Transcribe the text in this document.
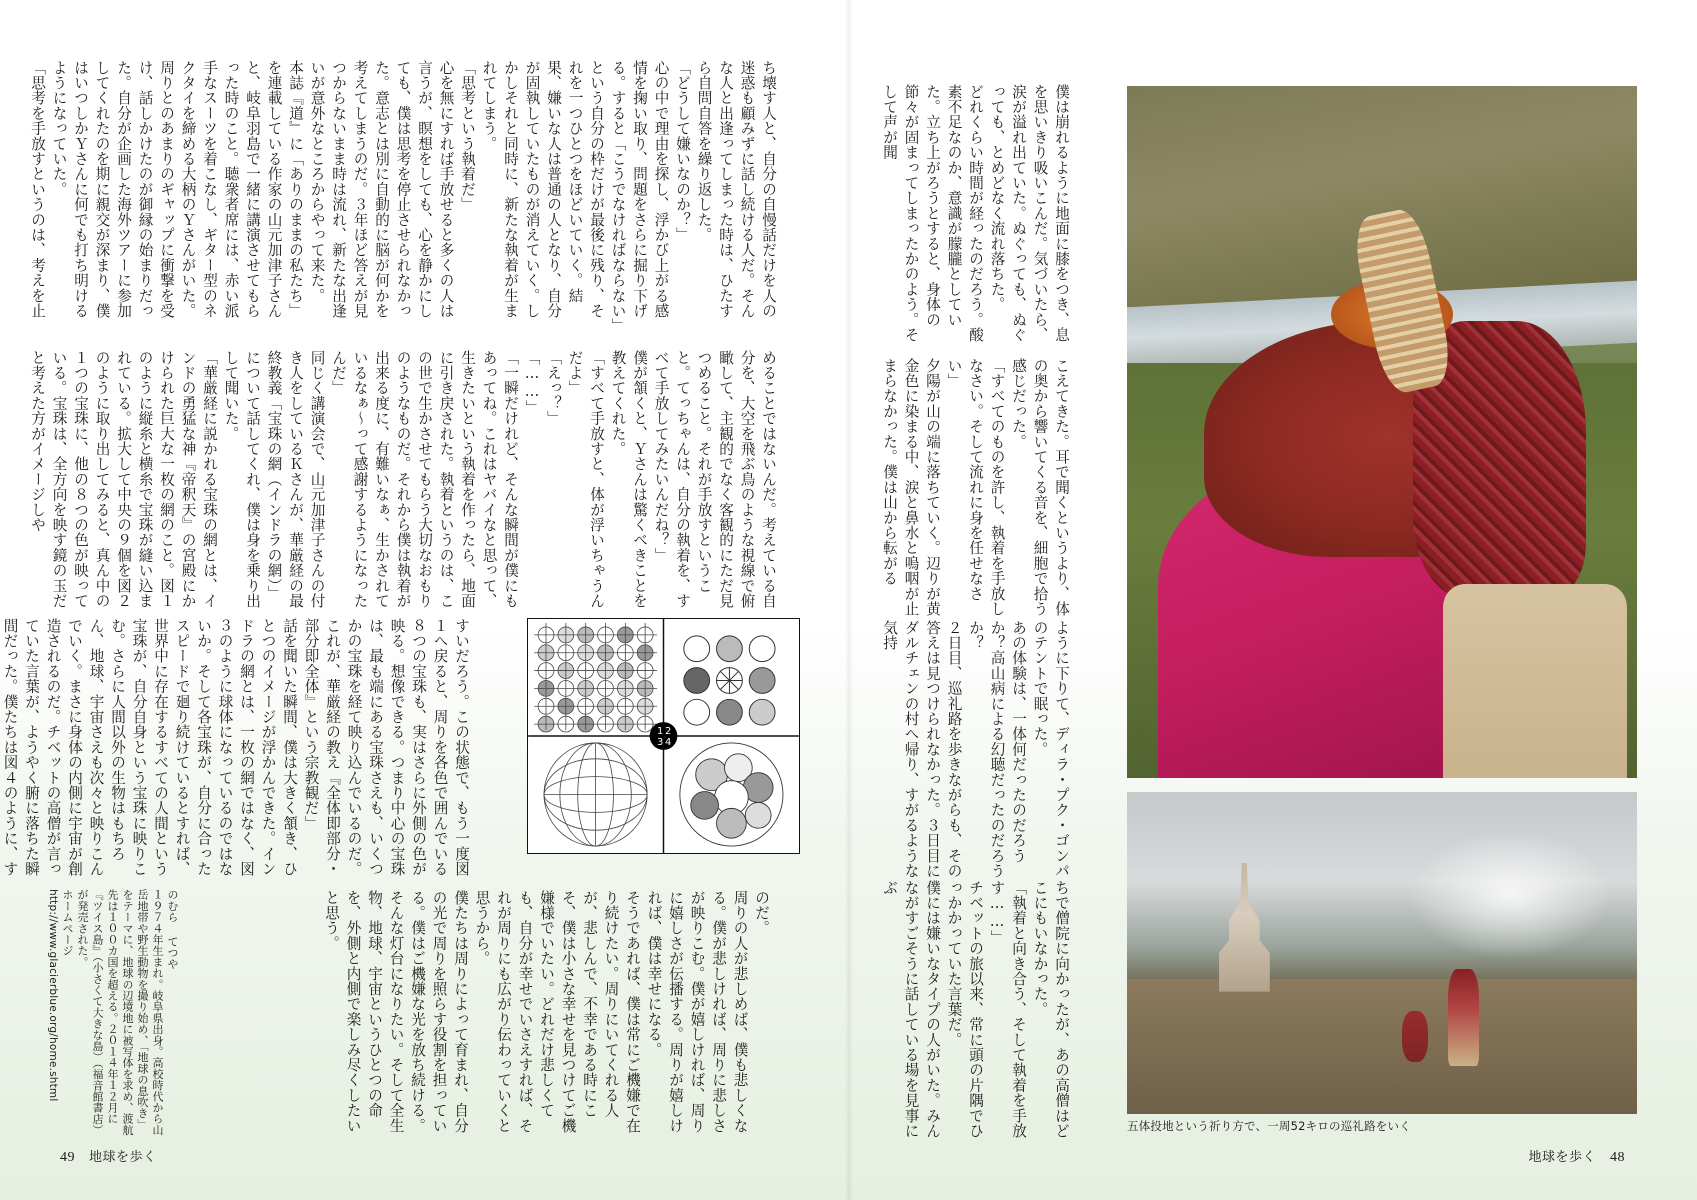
五体投地という祈り方で、一周52キロの巡礼路をいく

僕は崩れるように地面に膝をつき、息を思いきり吸いこんだ。気づいたら、涙が溢れ出ていた。ぬぐっても、ぬぐっても、とめどなく流れ落ちた。
どれくらい時間が経ったのだろう。酸素不足なのか、意識が朦朧としていた。立ち上がろうとすると、身体の節々が固まってしまったかのよう。そして声が聞

こえてきた。耳で聞くというより、体の奥から響いてくる音を、細胞で拾う感じだった。
「すべてのものを許し、執着を手放しなさい。そして流れに身を任せなさい」
夕陽が山の端に落ちていく。辺りが黄金色に染まる中、涙と鼻水と嗚咽が止まらなかった。僕は山から転がる

ように下りて、ディラ・プク・ゴンパのテントで眠った。
あの体験は、一体何だったのだろうか？高山病による幻聴だったのだろうか？
２日目、巡礼路を歩きながらも、その答えは見つけられなかった。３日目にダルチェンの村へ帰り、すがるような気持

ちで僧院に向かったが、あの高僧はどこにもいなかった。
「執着と向き合う、そして執着を手放す……」
チベットの旅以来、常に頭の片隅でひっかかっていた言葉だ。
僕には嫌いなタイプの人がいた。みんながすごそうに話している場を見事にぶ

地球を歩く 48

ち壊す人と、自分の自慢話だけを人の迷惑も顧みずに話し続ける人だ。そんな人と出逢ってしまった時は、ひたすら自問自答を繰り返した。
「どうして嫌いなのか？」
心の中で理由を探し、浮かび上がる感情を掬い取り、問題をさらに掘り下げる。すると「こうでなければならない」という自分の枠だけが最後に残り、それを一つひとつをほどいていく。結果、嫌いな人は普通の人となり、自分が固執していたものが消えていく。しかしそれと同時に、新たな執着が生まれてしまう。
「思考という執着だ」
心を無にすれば手放せると多くの人は言うが、瞑想をしても、心を静かにしても、僕は思考を停止させられなかった。意志とは別に自動的に脳が何かを考えてしまうのだ。３年ほど答えが見つからないまま時は流れ、新たな出逢いが意外なところからやって来た。
本誌『道』に「ありのままの私たち」を連載している作家の山元加津子さんと、岐阜羽島で一緒に講演させてもらった時のこと。聴衆者席には、赤い派手なスーツを着こなし、ギター型のネクタイを締める大柄のＹさんがいた。周りとのあまりのギャップに衝撃を受け、話しかけたのが御縁の始まりだった。自分が企画した海外ツアーに参加してくれたのを期に親交が深まり、僕はいつしかＹさんに何でも打ち明けるようになっていた。
「思考を手放すというのは、考えを止

めることではないんだ。考えている自分を、大空を飛ぶ鳥のような視線で俯瞰して、主観的でなく客観的にただ見つめること。それが手放すということ。てっちゃんは、自分の執着を、すべて手放してみたいんだね？」
僕が頷くと、Ｙさんは驚くべきことを教えてくれた。
「すべて手放すと、体が浮いちゃうんだよ」
「えっ？」
「……」
「一瞬だけれど、そんな瞬間が僕にもあってね。これはヤバイなと思って、生きたいという執着を作ったら、地面に引き戻された。執着というのは、この世で生かさせてもらう大切なおもりのようなものだ。それから僕は執着が出来る度に、有難いなぁ、生かされているなぁ～って感謝するようになったんだ」
同じく講演会で、山元加津子さんの付き人をしているＫさんが、華厳経の最終教義「宝珠の網（インドラの網）」について話してくれ、僕は身を乗り出して聞いた。
「華厳経に説かれる宝珠の網とは、インドの勇猛な神『帝釈天』の宮殿にかけられた巨大な一枚の網のこと。図１のように縦糸と横糸で宝珠が縫い込まれている。拡大して中央の９個を図２のように取り出してみると、真ん中の１つの宝珠に、他の８つの色が映っている。宝珠は、全方向を映す鏡の玉だと考えた方がイメージしや

1 2
3 4

すいだろう。この状態で、もう一度図１へ戻ると、周りを各色で囲んでいる８つの宝珠も、実はさらに外側の色が映る。想像できる。つまり中心の宝珠は、最も端にある宝珠さえも、いくつかの宝珠を経て映り込んでいるのだ。これが、華厳経の教え『全体即部分・部分即全体』という宗教観だ」
話を聞いた瞬間、僕は大きく頷き、ひとつのイメージが浮かんできた。インドラの網とは、一枚の網ではなく、図３のように球体になっているのではないか。そして各宝珠が、自分に合ったスピードで廻り続けているとすれば、世界中に存在するすべての人間という宝珠が、自分自身という宝珠に映りこむ。さらに人間以外の生物はもちろん、地球、宇宙さえも次々と映りこんでいく。まさに身体の内側に宇宙が創造されるのだ。チベットの高僧が言っていた言葉が、ようやく腑に落ちた瞬間だった。僕たちは図４のように、す

のだ。
周りの人が悲しめば、僕も悲しくなる。僕が悲しければ、周りに悲しさが映りこむ。僕が嬉しければ、周りに嬉しさが伝播する。周りが嬉しければ、僕は幸せになる。
そうであれば、僕は常にご機嫌で在り続けたい。周りにいてくれる人が、悲しんで、不幸である時にこそ、僕は小さな幸せを見つけてご機嫌様でいたい。どれだけ悲しくても、自分が幸せでいさえすれば、それが周りにも広がり伝わっていくと思うから。
僕たちは周りによって育まれ、自分の光で周りを照らす役割を担っている。僕はご機嫌な光を放ち続ける。そんな灯台になりたい。そして全生物、地球、宇宙というひとつの命を、外側と内側で楽しみ尽くしたいと思う。

のむら てつや
１９７４年生まれ。岐阜県出身。高校時代から山岳地帯や野生動物を撮り始め、「地球の息吹き」をテーマに、地球の辺境地に被写体を求め、渡航先は１００カ国を超える。２０１４年１２月に『ツイス島』（小さくて大きな島）（福音館書店）が発売された。
ホームページ
http://www.glacierblue.org/home.shtml
49 地球を歩く
